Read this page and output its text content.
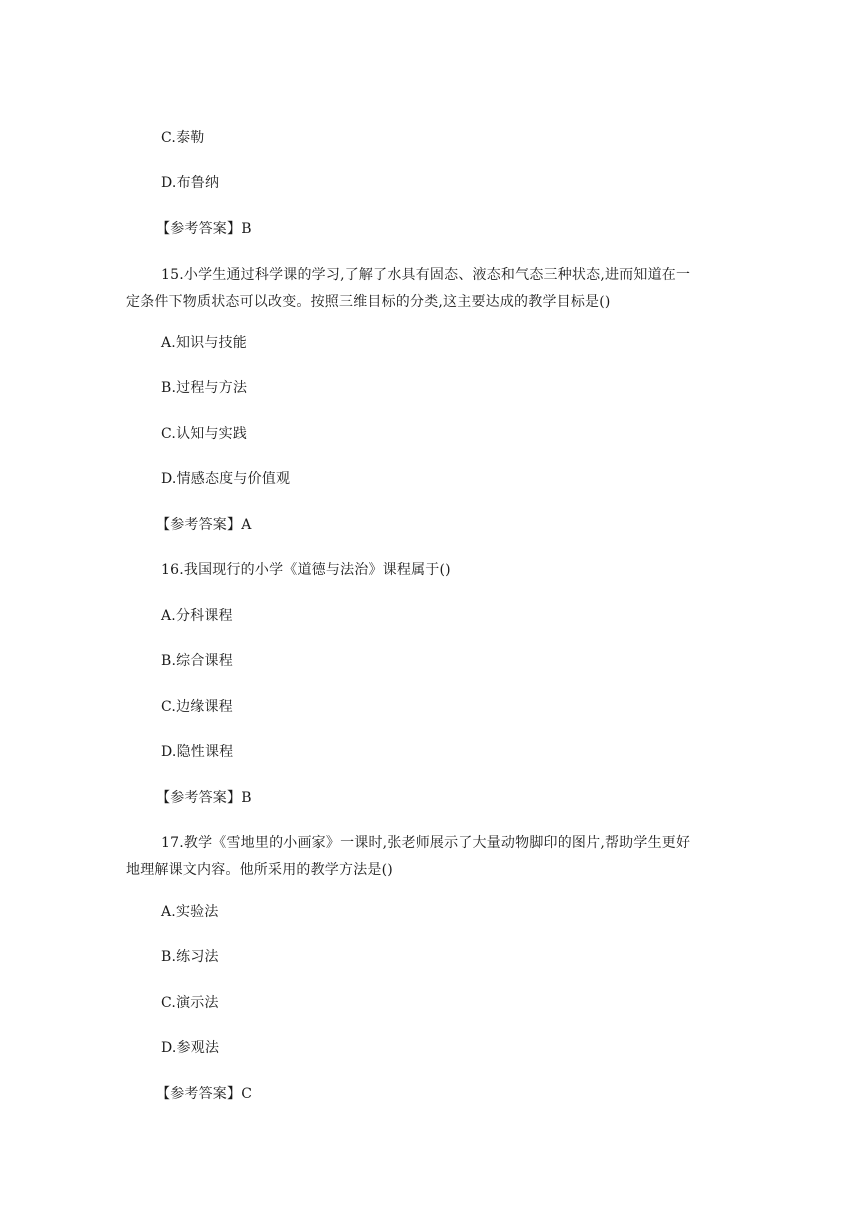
C.泰勒
D.布鲁纳
【参考答案】B
15.小学生通过科学课的学习,了解了水具有固态、液态和气态三种状态,进而知道在一
定条件下物质状态可以改变。按照三维目标的分类,这主要达成的教学目标是()
A.知识与技能
B.过程与方法
C.认知与实践
D.情感态度与价值观
【参考答案】A
16.我国现行的小学《道德与法治》课程属于()
A.分科课程
B.综合课程
C.边缘课程
D.隐性课程
【参考答案】B
17.教学《雪地里的小画家》一课时,张老师展示了大量动物脚印的图片,帮助学生更好
地理解课文内容。他所采用的教学方法是()
A.实验法
B.练习法
C.演示法
D.参观法
【参考答案】C
